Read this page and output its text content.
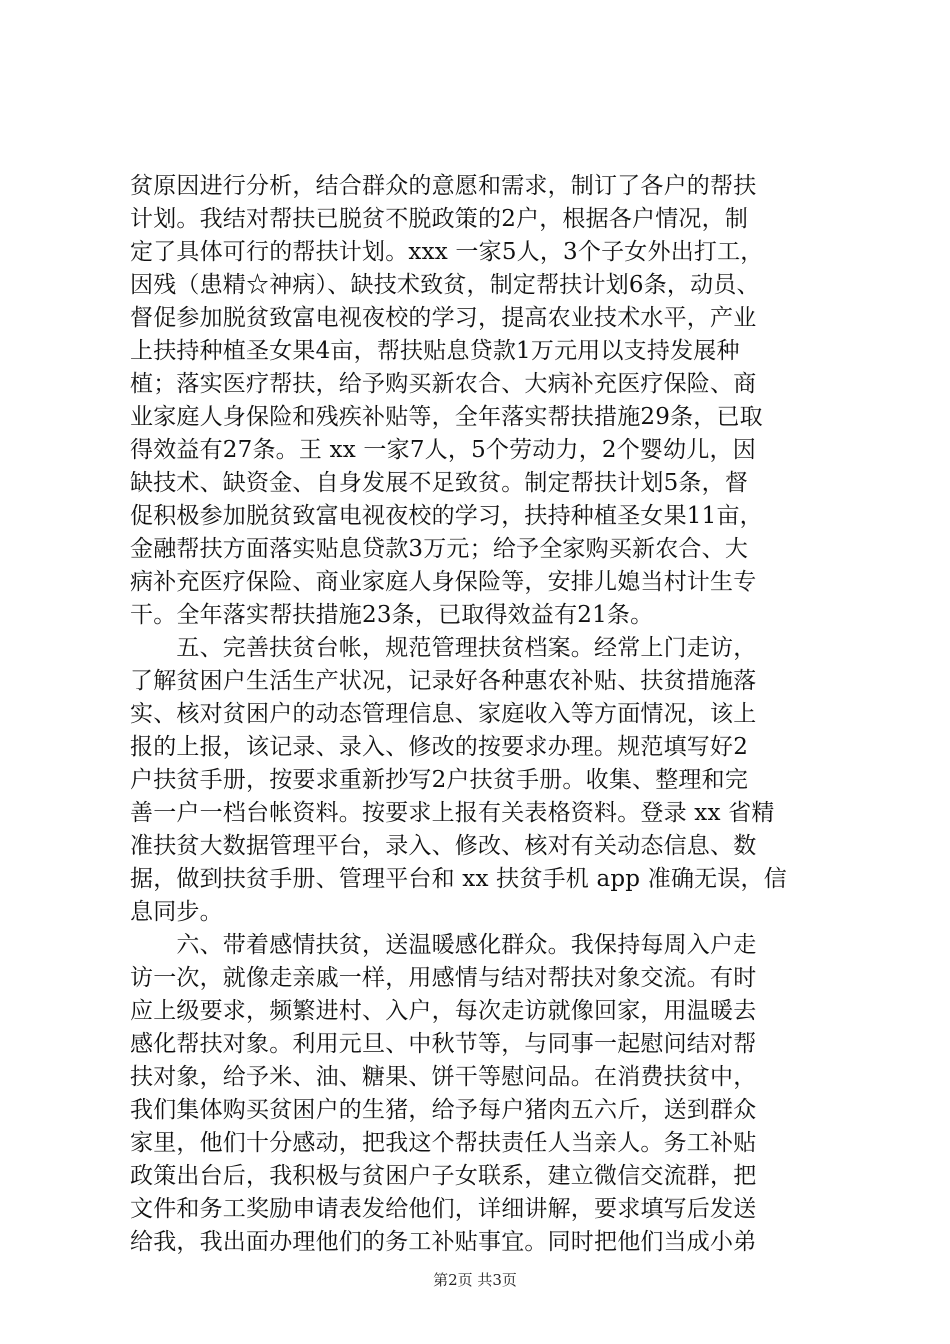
贫原因进行分析，结合群众的意愿和需求，制订了各户的帮扶
计划。我结对帮扶已脱贫不脱政策的2户，根据各户情况，制
定了具体可行的帮扶计划。xxx 一家5人，3个子女外出打工，
因残（患精☆神病）、缺技术致贫，制定帮扶计划6条，动员、
督促参加脱贫致富电视夜校的学习，提高农业技术水平，产业
上扶持种植圣女果4亩，帮扶贴息贷款1万元用以支持发展种
植；落实医疗帮扶，给予购买新农合、大病补充医疗保险、商
业家庭人身保险和残疾补贴等，全年落实帮扶措施29条，已取
得效益有27条。王 xx 一家7人，5个劳动力，2个婴幼儿，因
缺技术、缺资金、自身发展不足致贫。制定帮扶计划5条，督
促积极参加脱贫致富电视夜校的学习，扶持种植圣女果11亩，
金融帮扶方面落实贴息贷款3万元；给予全家购买新农合、大
病补充医疗保险、商业家庭人身保险等，安排儿媳当村计生专
干。全年落实帮扶措施23条，已取得效益有21条。
　　五、完善扶贫台帐，规范管理扶贫档案。经常上门走访，
了解贫困户生活生产状况，记录好各种惠农补贴、扶贫措施落
实、核对贫困户的动态管理信息、家庭收入等方面情况，该上
报的上报，该记录、录入、修改的按要求办理。规范填写好2
户扶贫手册，按要求重新抄写2户扶贫手册。收集、整理和完
善一户一档台帐资料。按要求上报有关表格资料。登录 xx 省精
准扶贫大数据管理平台，录入、修改、核对有关动态信息、数
据，做到扶贫手册、管理平台和 xx 扶贫手机 app 准确无误，信
息同步。
　　六、带着感情扶贫，送温暖感化群众。我保持每周入户走
访一次，就像走亲戚一样，用感情与结对帮扶对象交流。有时
应上级要求，频繁进村、入户，每次走访就像回家，用温暖去
感化帮扶对象。利用元旦、中秋节等，与同事一起慰问结对帮
扶对象，给予米、油、糖果、饼干等慰问品。在消费扶贫中，
我们集体购买贫困户的生猪，给予每户猪肉五六斤，送到群众
家里，他们十分感动，把我这个帮扶责任人当亲人。务工补贴
政策出台后，我积极与贫困户子女联系，建立微信交流群，把
文件和务工奖励申请表发给他们，详细讲解，要求填写后发送
给我，我出面办理他们的务工补贴事宜。同时把他们当成小弟
第2页 共3页
